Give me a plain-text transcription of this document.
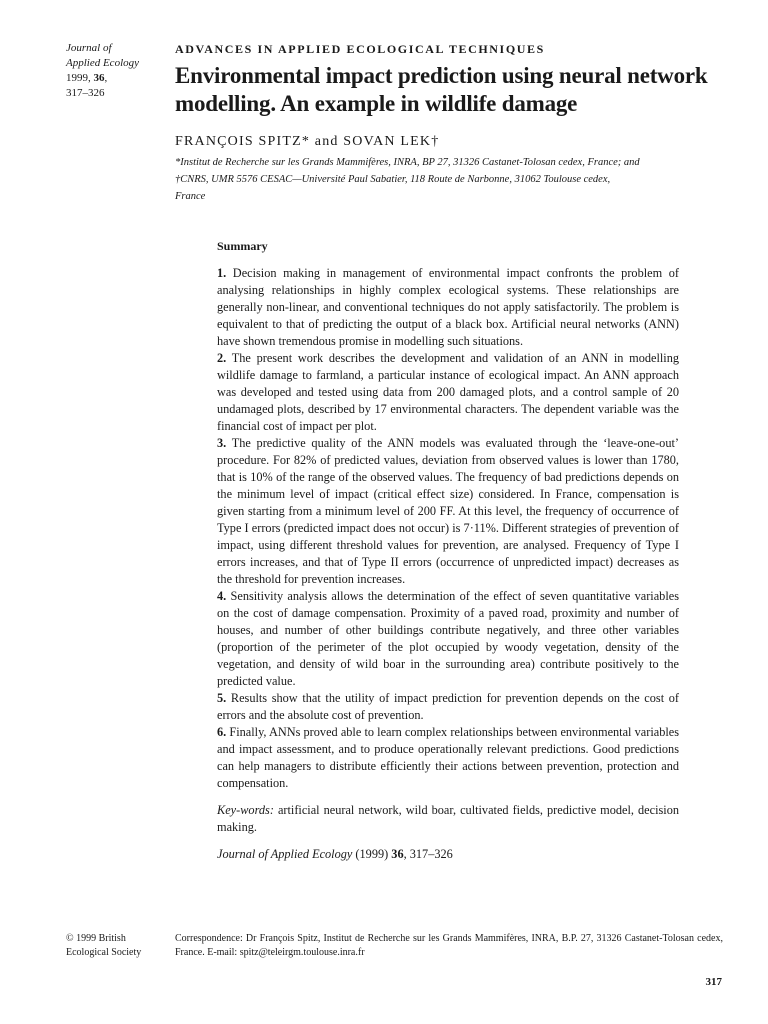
Journal of
Applied Ecology
1999, 36,
317–326
ADVANCES IN APPLIED ECOLOGICAL TECHNIQUES
Environmental impact prediction using neural network modelling. An example in wildlife damage
FRANÇOIS SPITZ* and SOVAN LEK†
*Institut de Recherche sur les Grands Mammifères, INRA, BP 27, 31326 Castanet-Tolosan cedex, France; and
†CNRS, UMR 5576 CESAC—Université Paul Sabatier, 118 Route de Narbonne, 31062 Toulouse cedex,
France
Summary

1. Decision making in management of environmental impact confronts the problem of analysing relationships in highly complex ecological systems. These relationships are generally non-linear, and conventional techniques do not apply satisfactorily. The problem is equivalent to that of predicting the output of a black box. Artificial neural networks (ANN) have shown tremendous promise in modelling such situations.

2. The present work describes the development and validation of an ANN in modelling wildlife damage to farmland, a particular instance of ecological impact. An ANN approach was developed and tested using data from 200 damaged plots, and a control sample of 20 undamaged plots, described by 17 environmental characters. The dependent variable was the financial cost of impact per plot.

3. The predictive quality of the ANN models was evaluated through the ‘leave-one-out’ procedure. For 82% of predicted values, deviation from observed values is lower than 1780, that is 10% of the range of the observed values. The frequency of bad predictions depends on the minimum level of impact (critical effect size) considered. In France, compensation is given starting from a minimum level of 200 FF. At this level, the frequency of occurrence of Type I errors (predicted impact does not occur) is 7·11%. Different strategies of prevention of impact, using different threshold values for prevention, are analysed. Frequency of Type I errors increases, and that of Type II errors (occurrence of unpredicted impact) decreases as the threshold for prevention increases.

4. Sensitivity analysis allows the determination of the effect of seven quantitative variables on the cost of damage compensation. Proximity of a paved road, proximity and number of houses, and number of other buildings contribute negatively, and three other variables (proportion of the perimeter of the plot occupied by woody vegetation, density of the vegetation, and density of wild boar in the surrounding area) contribute positively to the predicted value.

5. Results show that the utility of impact prediction for prevention depends on the cost of errors and the absolute cost of prevention.

6. Finally, ANNs proved able to learn complex relationships between environmental variables and impact assessment, and to produce operationally relevant predictions. Good predictions can help managers to distribute efficiently their actions between prevention, protection and compensation.

Key-words: artificial neural network, wild boar, cultivated fields, predictive model, decision making.
Journal of Applied Ecology (1999) 36, 317–326
© 1999 British
Ecological Society
Correspondence: Dr François Spitz, Institut de Recherche sur les Grands Mammifères, INRA, B.P. 27, 31326 Castanet-Tolosan cedex, France. E-mail: spitz@teleirgm.toulouse.inra.fr
317
